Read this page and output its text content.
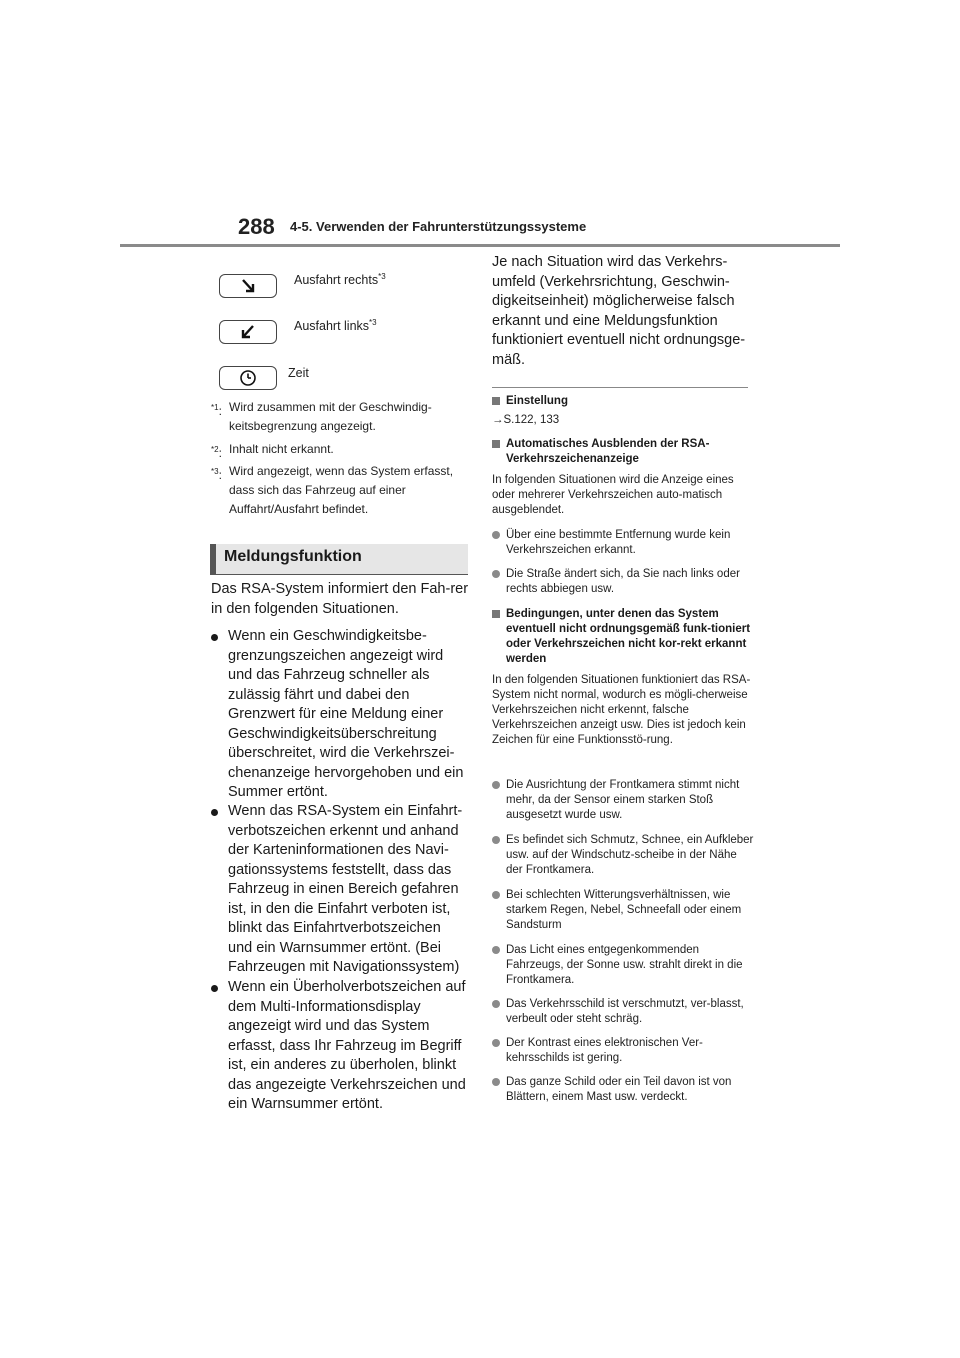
288 4-5. Verwenden der Fahrunterstützungssysteme
Ausfahrt rechts$^{*3}$
Ausfahrt links$^{*3}$
Zeit
$^{*1}$: Wird zusammen mit der Geschwindig-keitsbegrenzung angezeigt.
$^{*2}$: Inhalt nicht erkannt.
$^{*3}$: Wird angezeigt, wenn das System erfasst, dass sich das Fahrzeug auf einer Auffahrt/Ausfahrt befindet.
Meldungsfunktion
Das RSA-System informiert den Fah-rer in den folgenden Situationen.
Wenn ein Geschwindigkeitsbe-grenzungszeichen angezeigt wird und das Fahrzeug schneller als zulässig fährt und dabei den Grenzwert für eine Meldung einer Geschwindigkeitsüberschreitung überschreitet, wird die Verkehrszei-chenanzeige hervorgehoben und ein Summer ertönt.
Wenn das RSA-System ein Einfahrt-verbotszeichen erkennt und anhand der Karteninformationen des Navi-gationssystems feststellt, dass das Fahrzeug in einen Bereich gefahren ist, in den die Einfahrt verboten ist, blinkt das Einfahrtverbotszeichen und ein Warnsummer ertönt. (Bei Fahrzeugen mit Navigationssystem)
Wenn ein Überholverbotszeichen auf dem Multi-Informationsdisplay angezeigt wird und das System erfasst, dass Ihr Fahrzeug im Begriff ist, ein anderes zu überholen, blinkt das angezeigte Verkehrszeichen und ein Warnsummer ertönt.
Je nach Situation wird das Verkehrs-umfeld (Verkehrsrichtung, Geschwin-digkeitseinheit) möglicherweise falsch erkannt und eine Meldungsfunktion funktioniert eventuell nicht ordnungsge-mäß.
Einstellung
→S.122, 133
Automatisches Ausblenden der RSA-Verkehrszeichenanzeige
In folgenden Situationen wird die Anzeige eines oder mehrerer Verkehrszeichen auto-matisch ausgeblendet.
Über eine bestimmte Entfernung wurde kein Verkehrszeichen erkannt.
Die Straße ändert sich, da Sie nach links oder rechts abbiegen usw.
Bedingungen, unter denen das System eventuell nicht ordnungsgemäß funk-tioniert oder Verkehrszeichen nicht kor-rekt erkannt werden
In den folgenden Situationen funktioniert das RSA-System nicht normal, wodurch es mögli-cherweise Verkehrszeichen nicht erkennt, falsche Verkehrszeichen anzeigt usw. Dies ist jedoch kein Zeichen für eine Funktionsstö-rung.
Die Ausrichtung der Frontkamera stimmt nicht mehr, da der Sensor einem starken Stoß ausgesetzt wurde usw.
Es befindet sich Schmutz, Schnee, ein Aufkleber usw. auf der Windschutz-scheibe in der Nähe der Frontkamera.
Bei schlechten Witterungsverhältnissen, wie starkem Regen, Nebel, Schneefall oder einem Sandsturm
Das Licht eines entgegenkommenden Fahrzeugs, der Sonne usw. strahlt direkt in die Frontkamera.
Das Verkehrsschild ist verschmutzt, ver-blasst, verbeult oder steht schräg.
Der Kontrast eines elektronischen Ver-kehrsschilds ist gering.
Das ganze Schild oder ein Teil davon ist von Blättern, einem Mast usw. verdeckt.
